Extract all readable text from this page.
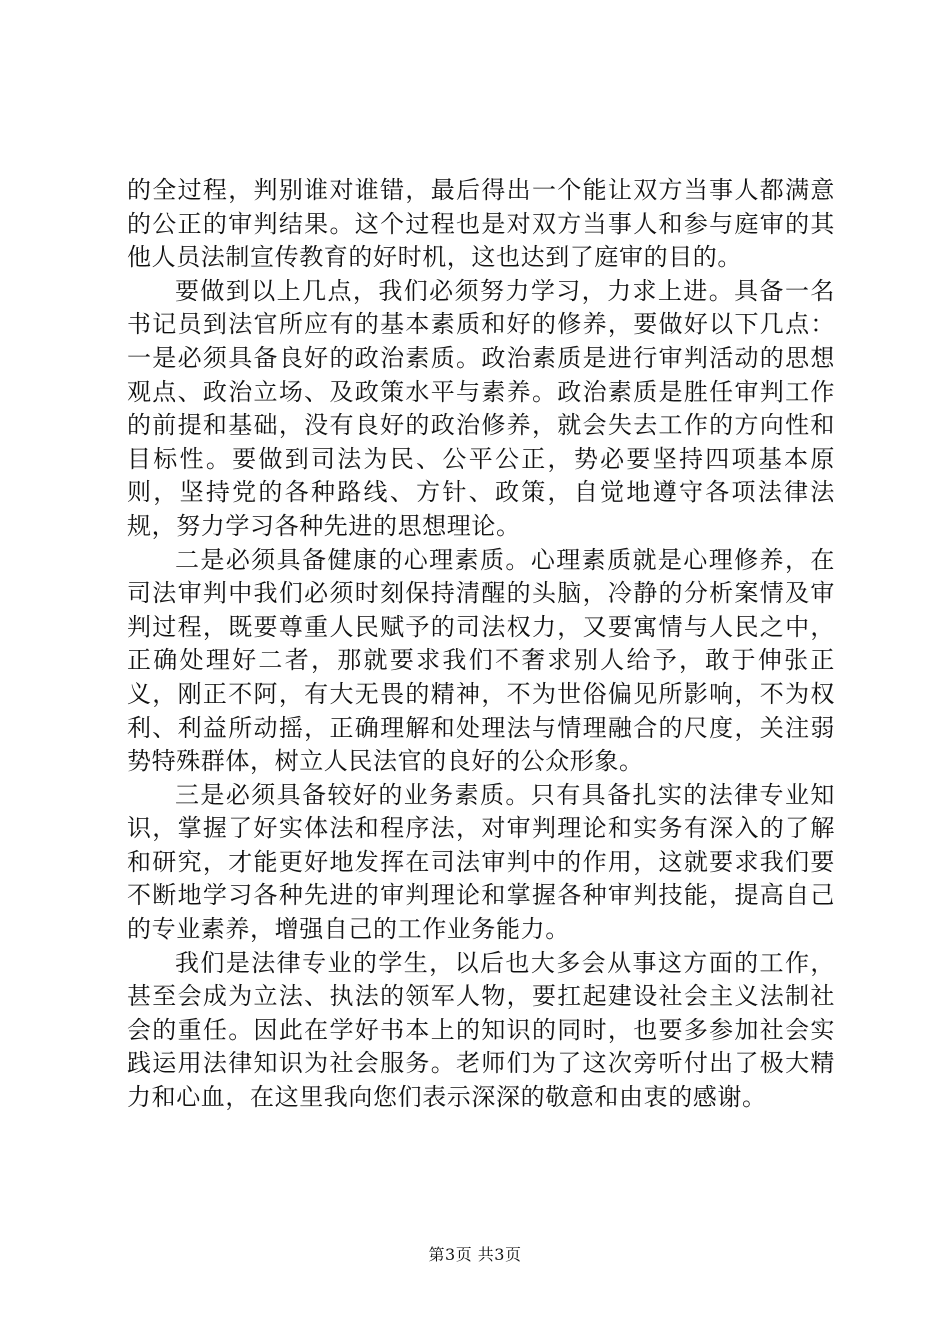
的全过程，判别谁对谁错，最后得出一个能让双方当事人都满意的公正的审判结果。这个过程也是对双方当事人和参与庭审的其他人员法制宣传教育的好时机，这也达到了庭审的目的。

要做到以上几点，我们必须努力学习，力求上进。具备一名书记员到法官所应有的基本素质和好的修养，要做好以下几点：一是必须具备良好的政治素质。政治素质是进行审判活动的思想观点、政治立场、及政策水平与素养。政治素质是胜任审判工作的前提和基础，没有良好的政治修养，就会失去工作的方向性和目标性。要做到司法为民、公平公正，势必要坚持四项基本原则，坚持党的各种路线、方针、政策，自觉地遵守各项法律法规，努力学习各种先进的思想理论。

二是必须具备健康的心理素质。心理素质就是心理修养，在司法审判中我们必须时刻保持清醒的头脑，冷静的分析案情及审判过程，既要尊重人民赋予的司法权力，又要寓情与人民之中，正确处理好二者，那就要求我们不奢求别人给予，敢于伸张正义，刚正不阿，有大无畏的精神，不为世俗偏见所影响，不为权利、利益所动摇，正确理解和处理法与情理融合的尺度，关注弱势特殊群体，树立人民法官的良好的公众形象。

三是必须具备较好的业务素质。只有具备扎实的法律专业知识，掌握了好实体法和程序法，对审判理论和实务有深入的了解和研究，才能更好地发挥在司法审判中的作用，这就要求我们要不断地学习各种先进的审判理论和掌握各种审判技能，提高自己的专业素养，增强自己的工作业务能力。

我们是法律专业的学生，以后也大多会从事这方面的工作，甚至会成为立法、执法的领军人物，要扛起建设社会主义法制社会的重任。因此在学好书本上的知识的同时，也要多参加社会实践运用法律知识为社会服务。老师们为了这次旁听付出了极大精力和心血，在这里我向您们表示深深的敬意和由衷的感谢。

第3页 共3页
